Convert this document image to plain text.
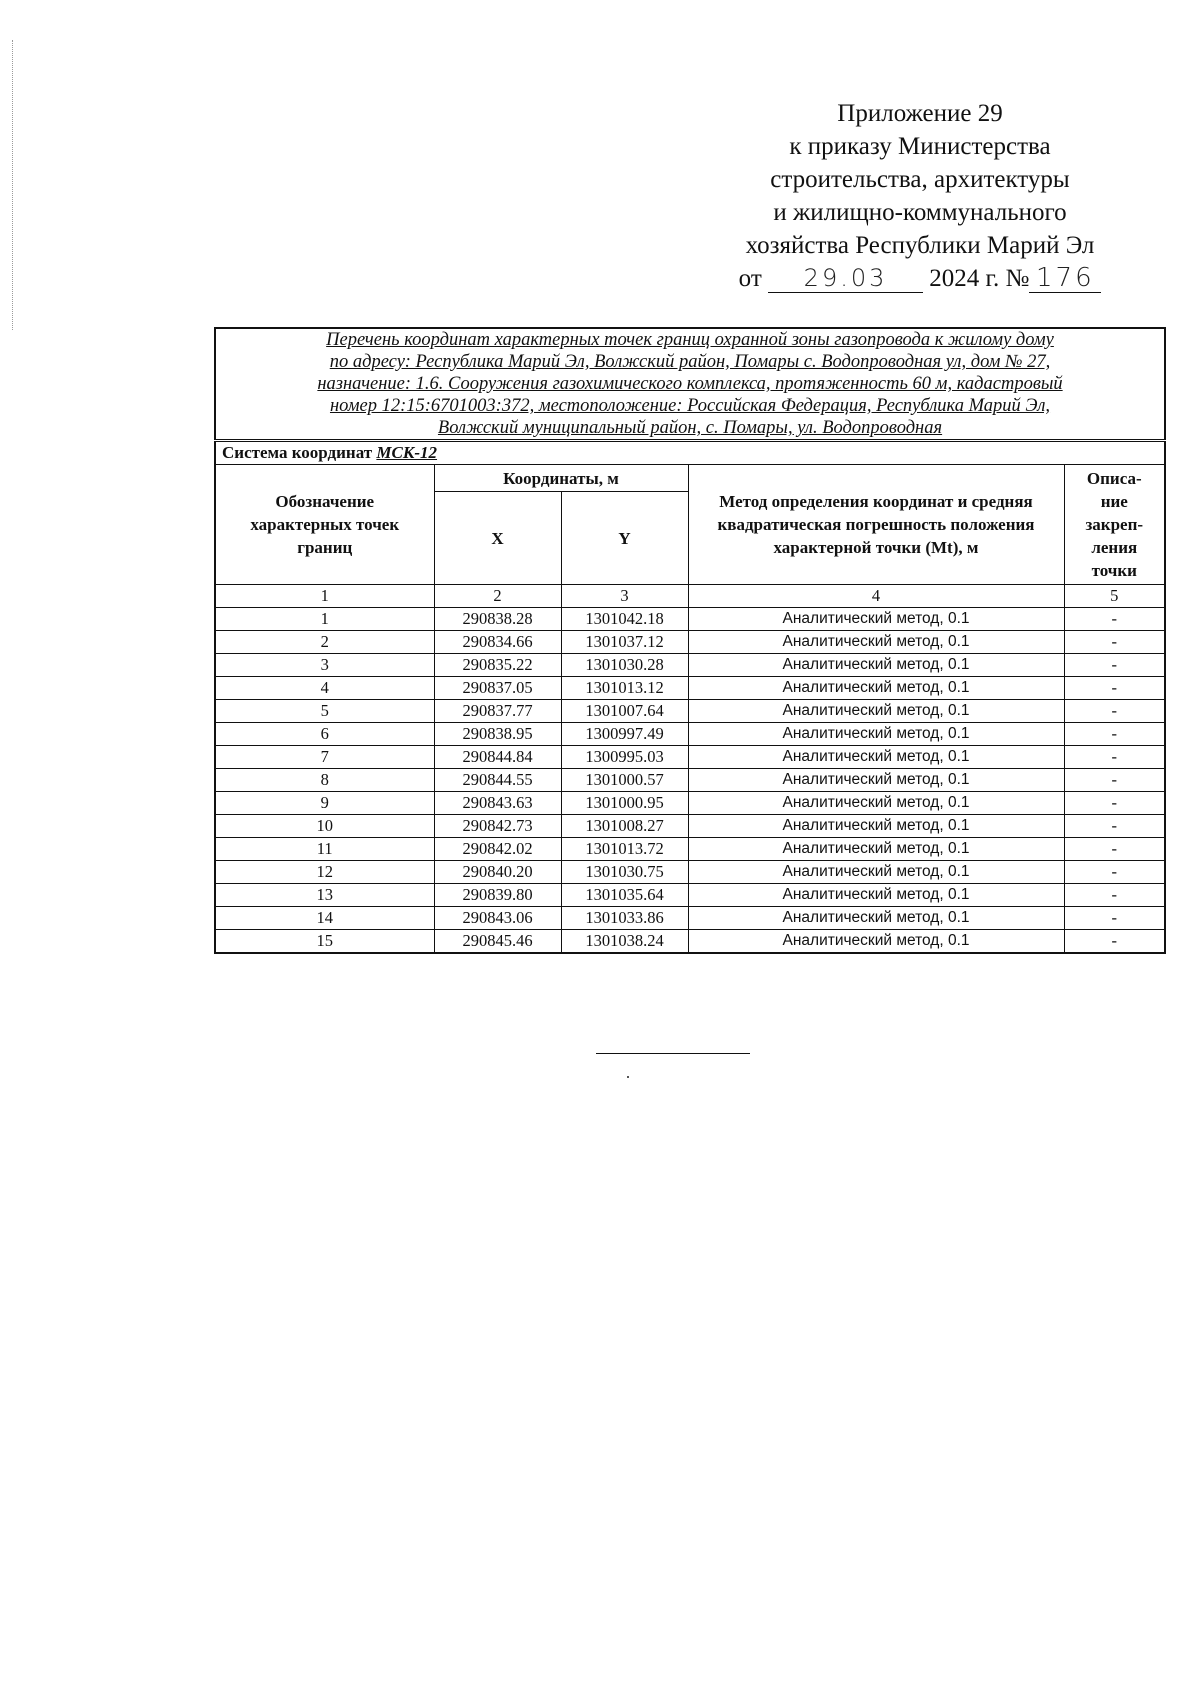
Приложение 29
к приказу Министерства
строительства, архитектуры
и жилищно-коммунального
хозяйства Республики Марий Эл
от 29.03 2024 г. № 176
Перечень координат характерных точек границ охранной зоны газопровода к жилому дому
по адресу: Республика Марий Эл, Волжский район, Помары с. Водопроводная ул, дом № 27,
назначение: 1.6. Сооружения газохимического комплекса, протяженность 60 м, кадастровый
номер 12:15:6701003:372, местоположение: Российская Федерация, Республика Марий Эл,
Волжский муниципальный район, с. Помары, ул. Водопроводная				

Система координат МСК-12				
Обозначение характерных точек границ	Координаты, м		Метод определения координат и средняя квадратическая погрешность положения характерной точки (Mt), м	Описа-
ние
закреп-
ления
точки

	X	Y		
1	2	3	4	5
1	290838.28	1301042.18	Аналитический метод, 0.1	-
2	290834.66	1301037.12	Аналитический метод, 0.1	-
3	290835.22	1301030.28	Аналитический метод, 0.1	-
4	290837.05	1301013.12	Аналитический метод, 0.1	-
5	290837.77	1301007.64	Аналитический метод, 0.1	-
6	290838.95	1300997.49	Аналитический метод, 0.1	-
7	290844.84	1300995.03	Аналитический метод, 0.1	-
8	290844.55	1301000.57	Аналитический метод, 0.1	-
9	290843.63	1301000.95	Аналитический метод, 0.1	-
10	290842.73	1301008.27	Аналитический метод, 0.1	-
11	290842.02	1301013.72	Аналитический метод, 0.1	-
12	290840.20	1301030.75	Аналитический метод, 0.1	-
13	290839.80	1301035.64	Аналитический метод, 0.1	-
14	290843.06	1301033.86	Аналитический метод, 0.1	-
15	290845.46	1301038.24	Аналитический метод, 0.1	-
